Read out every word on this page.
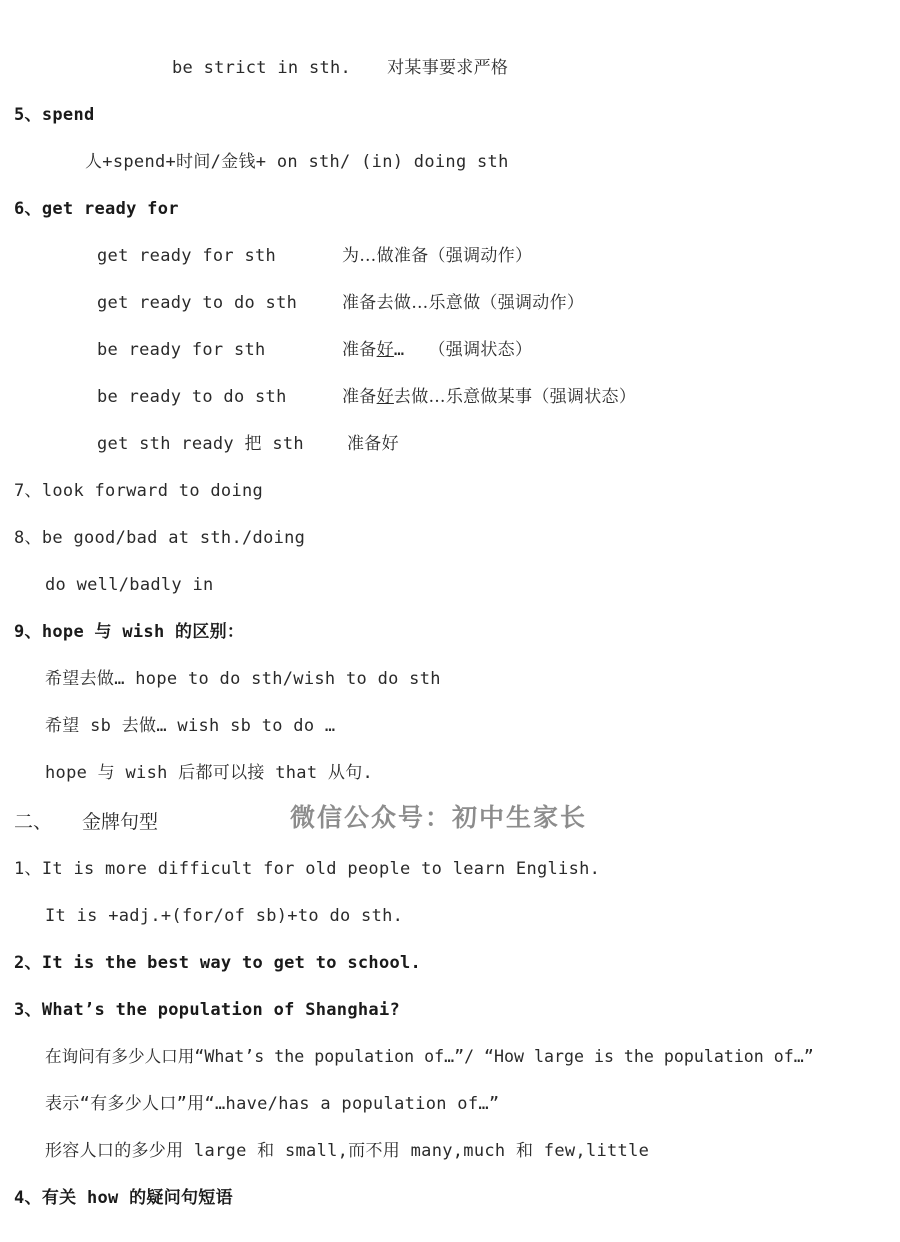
be strict in sth. 对某事要求严格
5、spend
人+spend+时间/金钱+ on sth/ (in) doing sth
6、get ready for
get ready for sth	为…做准备（强调动作）
get ready to do sth	准备去做…乐意做（强调动作）
be ready for sth	准备好… （强调状态）
be ready to do sth	准备好去做…乐意做某事（强调状态）
get sth ready 把 sth	准备好
7、look forward to doing
8、be good/bad at sth./doing
do well/badly in
9、hope 与 wish 的区别：
希望去做… hope to do sth/wish to do sth
希望 sb 去做… wish sb to do …
hope 与 wish 后都可以接 that 从句.
二、 金牌句型	微信公众号：初中生家长
1、It is more difficult for old people to learn English.
It is +adj.+(for/of sb)+to do sth.
2、It is the best way to get to school.
3、What’s the population of Shanghai?
在询问有多少人口用“What’s the population of…”/ “How large is the population of…”
表示“有多少人口”用“…have/has a population of…”
形容人口的多少用 large 和 small,而不用 many,much 和 few,little
4、有关 how 的疑问句短语
